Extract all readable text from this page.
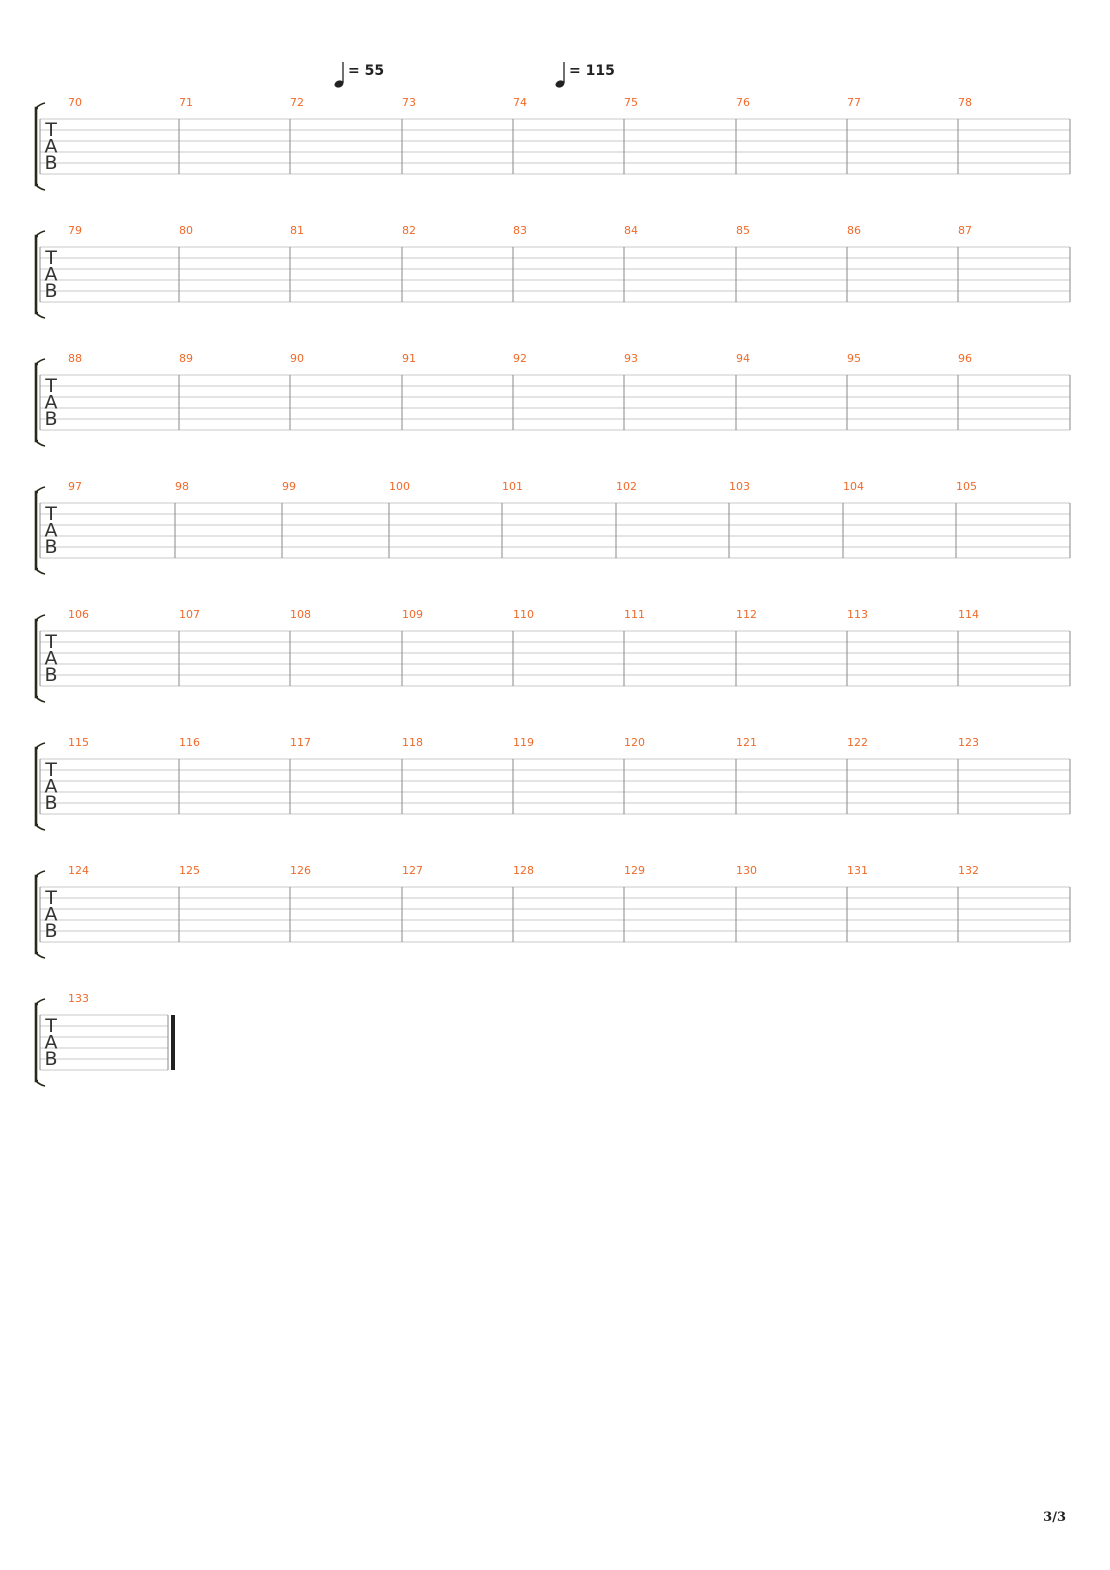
T
A
B
70	71	72	73	74	75	76	77	78
T
A
B
79	80	81	82	83	84	85	86	87
T
A
B
88	89	90	91	92	93	94	95	96
T
A
B
97	98	99	100	101	102	103	104	105
T
A
B
106	107	108	109	110	111	112	113	114
T
A
B
115	116	117	118	119	120	121	122	123
T
A
B
124	125	126	127	128	129	130	131	132
T
A
B
133
= 55	= 115
3/3
